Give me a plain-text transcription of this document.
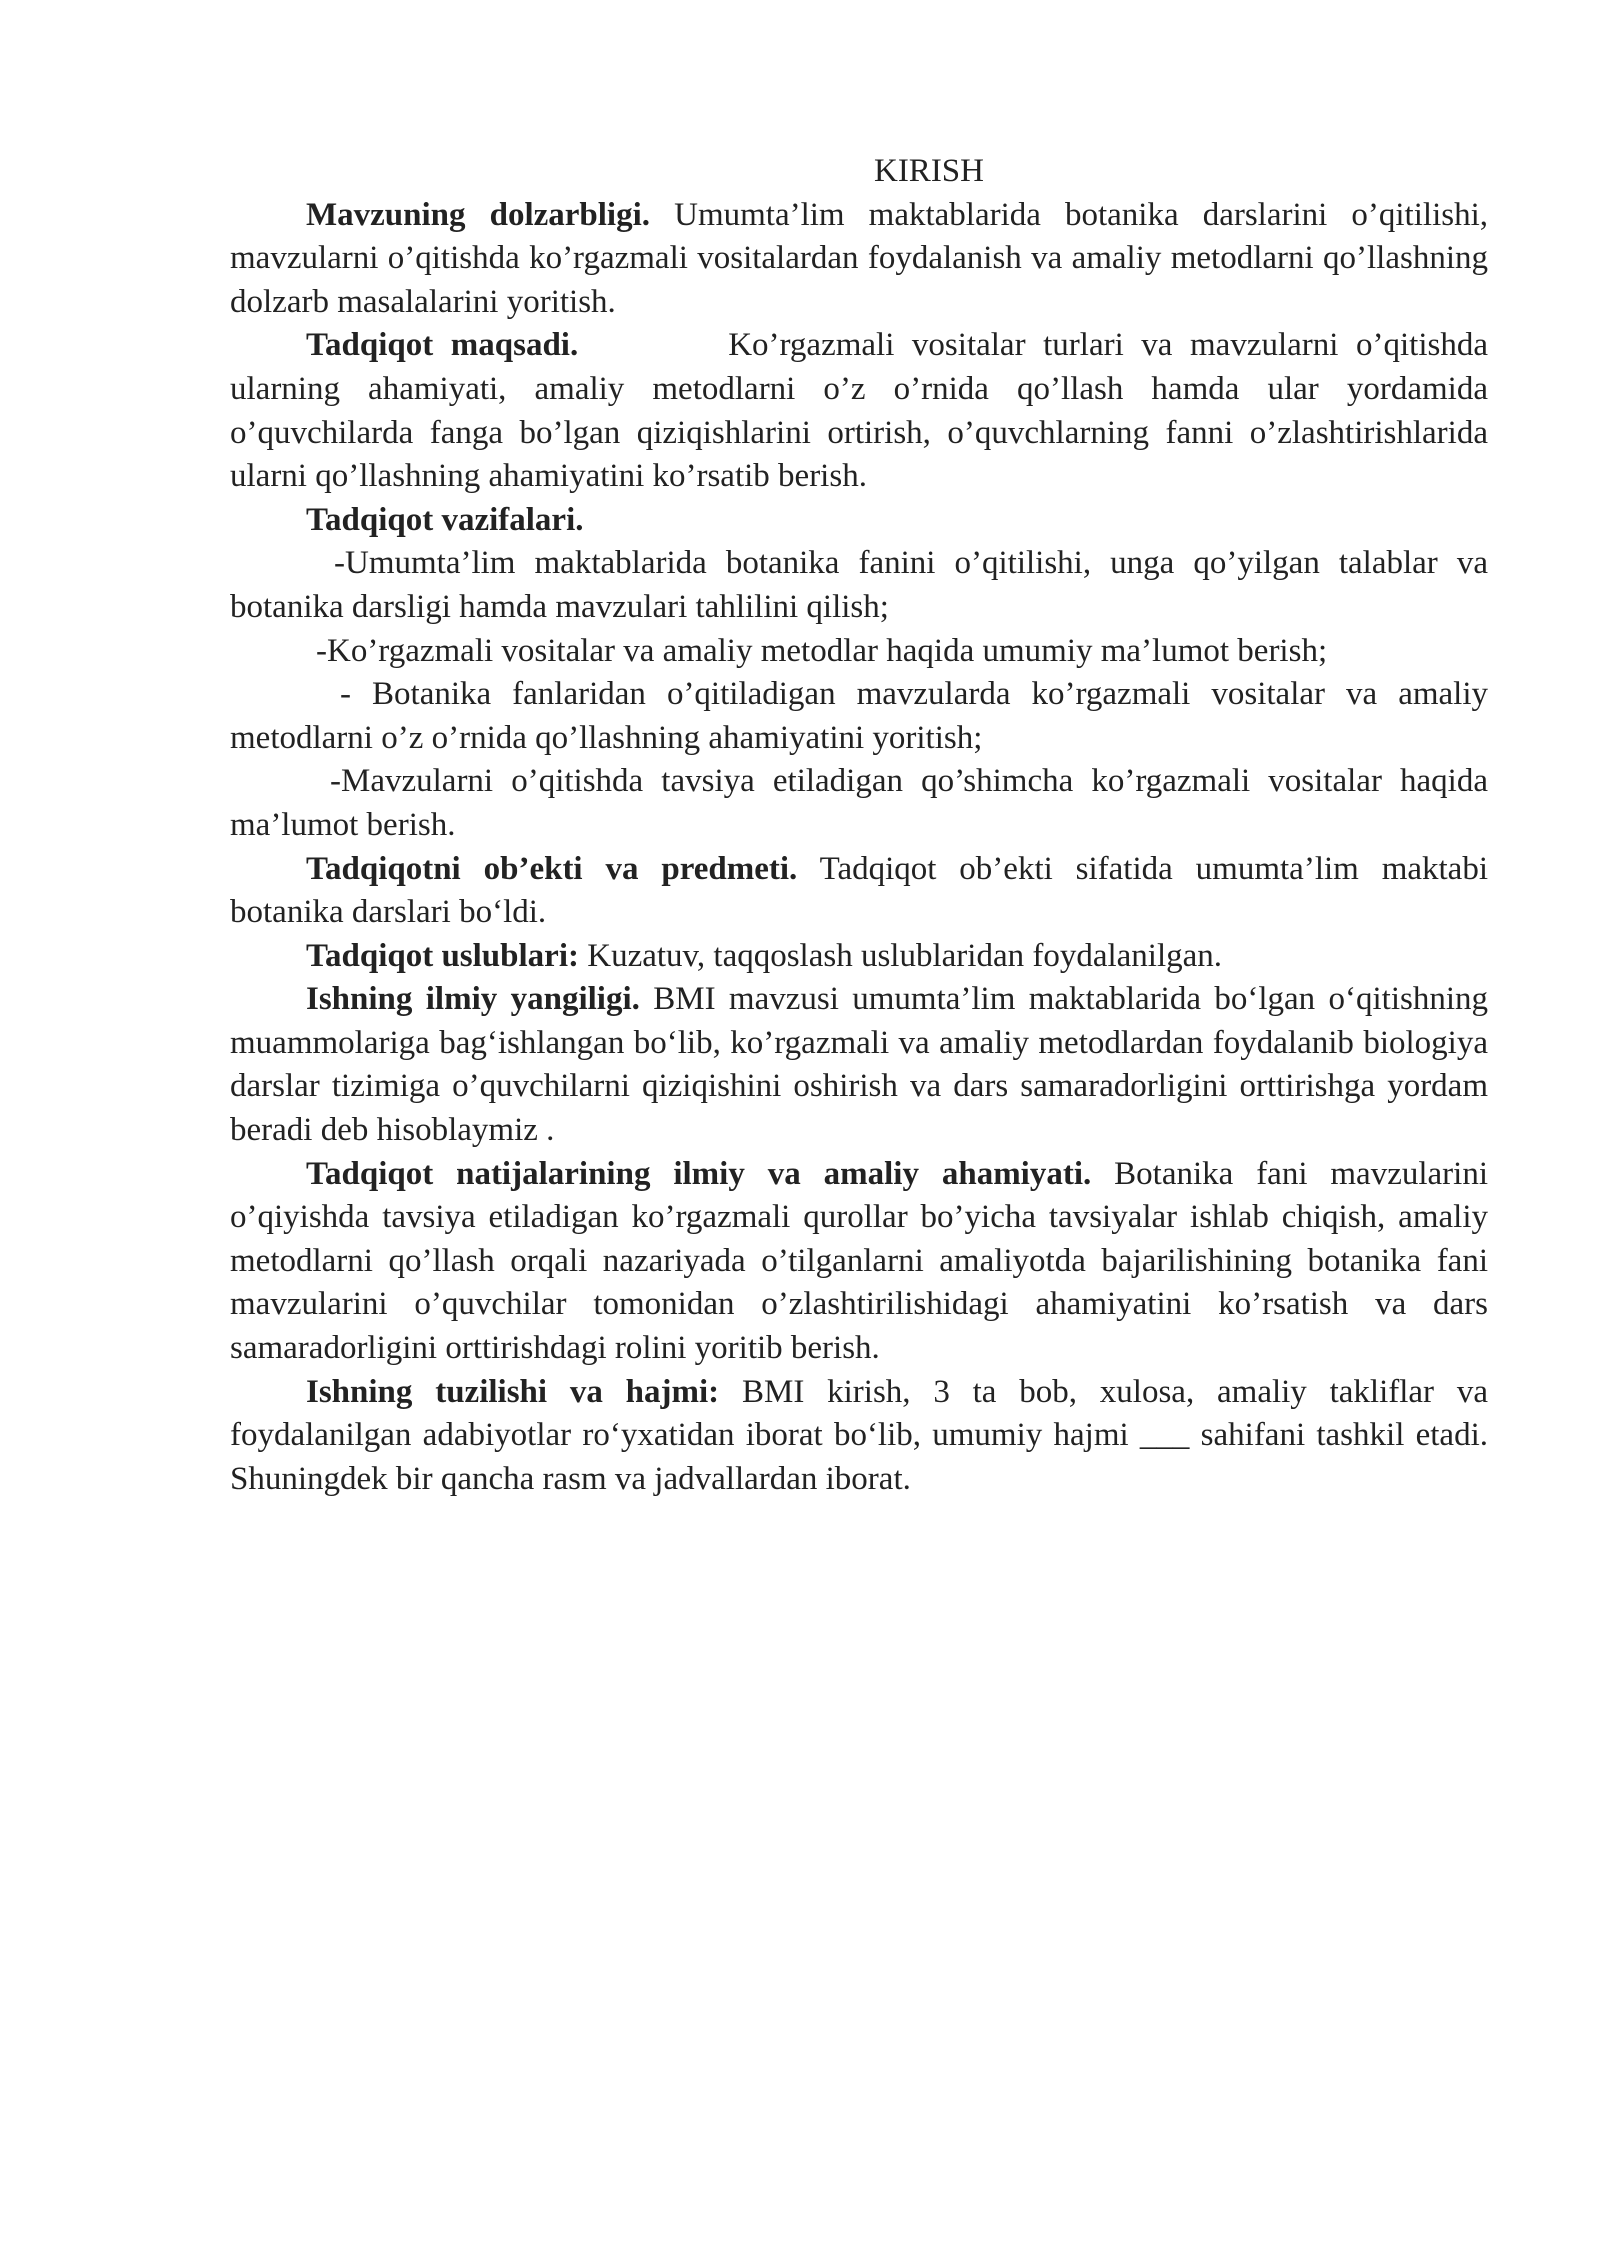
KIRISH

Mavzuning dolzarbligi. Umumta’lim maktablarida botanika darslarini o’qitilishi, mavzularni o’qitishda ko’rgazmali vositalardan foydalanish va amaliy metodlarni qo’llashning dolzarb masalalarini yoritish.

Tadqiqot maqsadi.	Ko’rgazmali vositalar turlari va mavzularni o’qitishda ularning ahamiyati, amaliy metodlarni o’z o’rnida qo’llash hamda ular yordamida o’quvchilarda fanga bo’lgan qiziqishlarini ortirish, o’quvchlarning fanni o’zlashtirishlarida ularni qo’llashning ahamiyatini ko’rsatib berish.

Tadqiqot vazifalari.

-Umumta’lim maktablarida botanika fanini o’qitilishi, unga qo’yilgan talablar va botanika darsligi hamda mavzulari tahlilini qilish;

-Ko’rgazmali vositalar va amaliy metodlar haqida umumiy ma’lumot berish;

- Botanika fanlaridan o’qitiladigan mavzularda ko’rgazmali vositalar va amaliy metodlarni o’z o’rnida qo’llashning ahamiyatini yoritish;

-Mavzularni o’qitishda tavsiya etiladigan qo’shimcha ko’rgazmali vositalar haqida ma’lumot berish.

Tadqiqotni ob’ekti va predmeti. Tadqiqot ob’ekti sifatida umumta’lim maktabi botanika darslari bo‘ldi.

Tadqiqot uslublari: Kuzatuv, taqqoslash uslublaridan foydalanilgan.

Ishning ilmiy yangiligi. BMI mavzusi umumta’lim maktablarida bo‘lgan o‘qitishning muammolariga bag‘ishlangan bo‘lib, ko’rgazmali va amaliy metodlardan foydalanib biologiya darslar tizimiga o’quvchilarni qiziqishini oshirish va dars samaradorligini orttirishga yordam beradi deb hisoblaymiz .

Tadqiqot natijalarining ilmiy va amaliy ahamiyati. Botanika fani mavzularini o’qiyishda tavsiya etiladigan ko’rgazmali qurollar bo’yicha tavsiyalar ishlab chiqish, amaliy metodlarni qo’llash orqali nazariyada o’tilganlarni amaliyotda bajarilishining botanika fani mavzularini o’quvchilar tomonidan o’zlashtirilishidagi ahamiyatini ko’rsatish va dars samaradorligini orttirishdagi rolini yoritib berish.

Ishning tuzilishi va hajmi: BMI kirish, 3 ta bob, xulosa, amaliy takliflar va foydalanilgan adabiyotlar ro‘yxatidan iborat bo‘lib, umumiy hajmi ___ sahifani tashkil etadi. Shuningdek bir qancha rasm va jadvallardan iborat.
